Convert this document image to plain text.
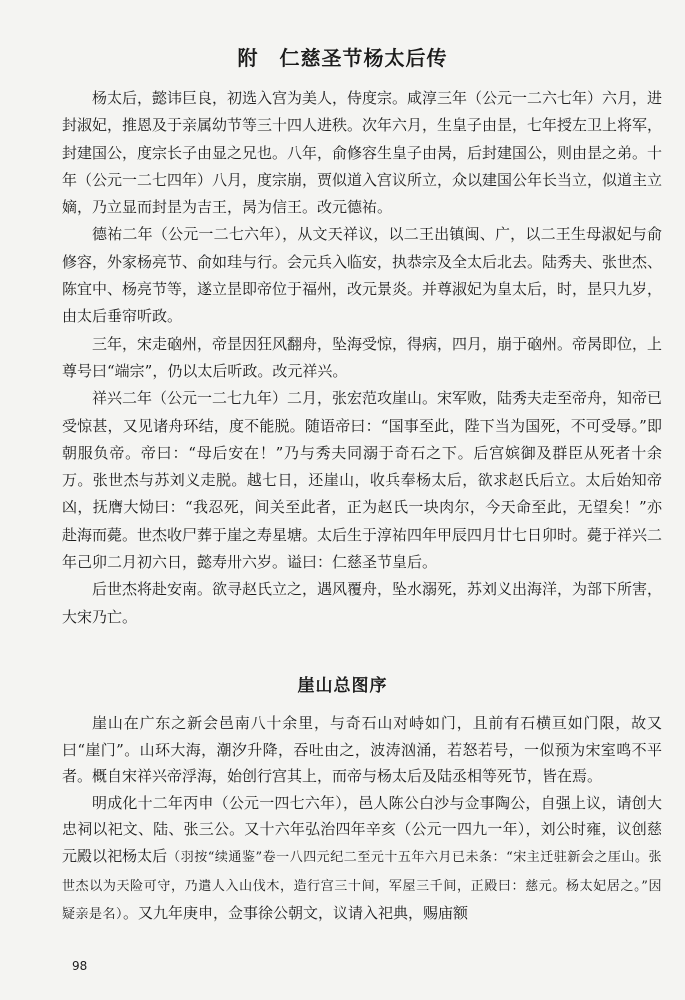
附　仁慈圣节杨太后传

杨太后，懿讳巨良，初选入宫为美人，侍度宗。咸淳三年（公元一二六七年）六月，进封淑妃，推恩及于亲属幼节等三十四人进秩。次年六月，生皇子由昰，七年授左卫上将军，封建国公，度宗长子由显之兄也。八年，俞修容生皇子由昺，后封建国公，则由昰之弟。十年（公元一二七四年）八月，度宗崩，贾似道入宫议所立，众以建国公年长当立，似道主立嫡，乃立显而封昰为吉王，昺为信王。改元德祐。

德祐二年（公元一二七六年），从文天祥议，以二王出镇闽、广，以二王生母淑妃与俞修容，外家杨亮节、俞如珪与行。会元兵入临安，执恭宗及全太后北去。陆秀夫、张世杰、陈宜中、杨亮节等，遂立昰即帝位于福州，改元景炎。并尊淑妃为皇太后，时，昰只九岁，由太后垂帘听政。

三年，宋走硇州，帝昰因狂风翻舟，坠海受惊，得病，四月，崩于硇州。帝昺即位，上尊号曰“端宗”，仍以太后听政。改元祥兴。

祥兴二年（公元一二七九年）二月，张宏范攻崖山。宋军败，陆秀夫走至帝舟，知帝已受惊甚，又见诸舟环结，度不能脱。随语帝曰：“国事至此，陛下当为国死，不可受辱。”即朝服负帝。帝曰：“母后安在！”乃与秀夫同溺于奇石之下。后宫嫔御及群臣从死者十余万。张世杰与苏刘义走脱。越七日，还崖山，收兵奉杨太后，欲求赵氏后立。太后始知帝凶，抚膺大恸曰：“我忍死，间关至此者，正为赵氏一块肉尔，今天命至此，无望矣！”亦赴海而薨。世杰收尸葬于崖之寿星塘。太后生于淳祐四年甲辰四月廿七日卯时。薨于祥兴二年己卯二月初六日，懿寿卅六岁。谥曰：仁慈圣节皇后。

后世杰将赴安南。欲寻赵氏立之，遇风覆舟，坠水溺死，苏刘义出海洋，为部下所害，大宋乃亡。

崖山总图序

崖山在广东之新会邑南八十余里，与奇石山对峙如门，且前有石横亘如门限，故又曰“崖门”。山环大海，潮汐升降，吞吐由之，波涛汹涌，若怒若号，一似预为宋室鸣不平者。概自宋祥兴帝浮海，始创行宫其上，而帝与杨太后及陆丞相等死节，皆在焉。

明成化十二年丙申（公元一四七六年），邑人陈公白沙与佥事陶公，自强上议，请创大忠祠以祀文、陆、张三公。又十六年弘治四年辛亥（公元一四九一年），刘公时雍，议创慈元殿以祀杨太后（羽按“续通鉴”卷一八四元纪二至元十五年六月已未条：“宋主迁驻新会之厓山。张世杰以为天险可守，乃遣人入山伐木，造行宫三十间，军屋三千间，正殿曰：慈元。杨太妃居之。”因疑亲是名）。又九年庚申，佥事徐公朝文，议请入祀典，赐庙额

98
